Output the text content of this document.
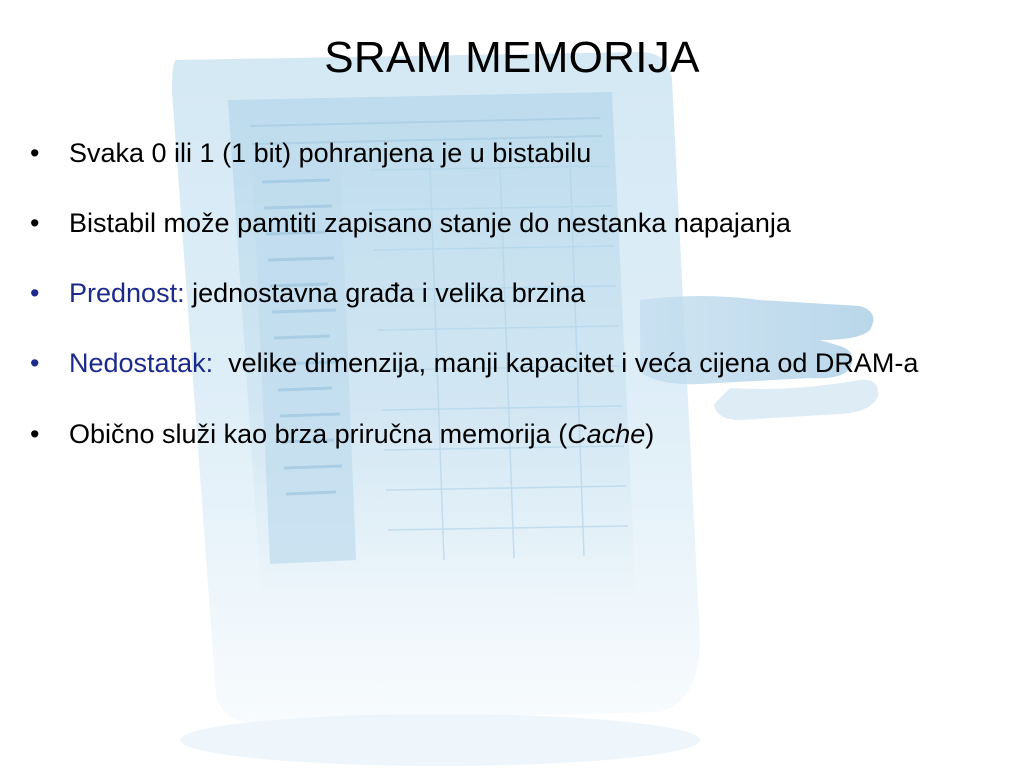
SRAM MEMORIJA
•	Svaka 0 ili 1 (1 bit) pohranjena je u bistabilu
•	Bistabil može pamtiti zapisano stanje do nestanka napajanja
•	Prednost: jednostavna građa i velika brzina
•	Nedostatak:  velike dimenzija, manji kapacitet i veća cijena od DRAM-a
•	Obično služi kao brza priručna memorija (Cache)
